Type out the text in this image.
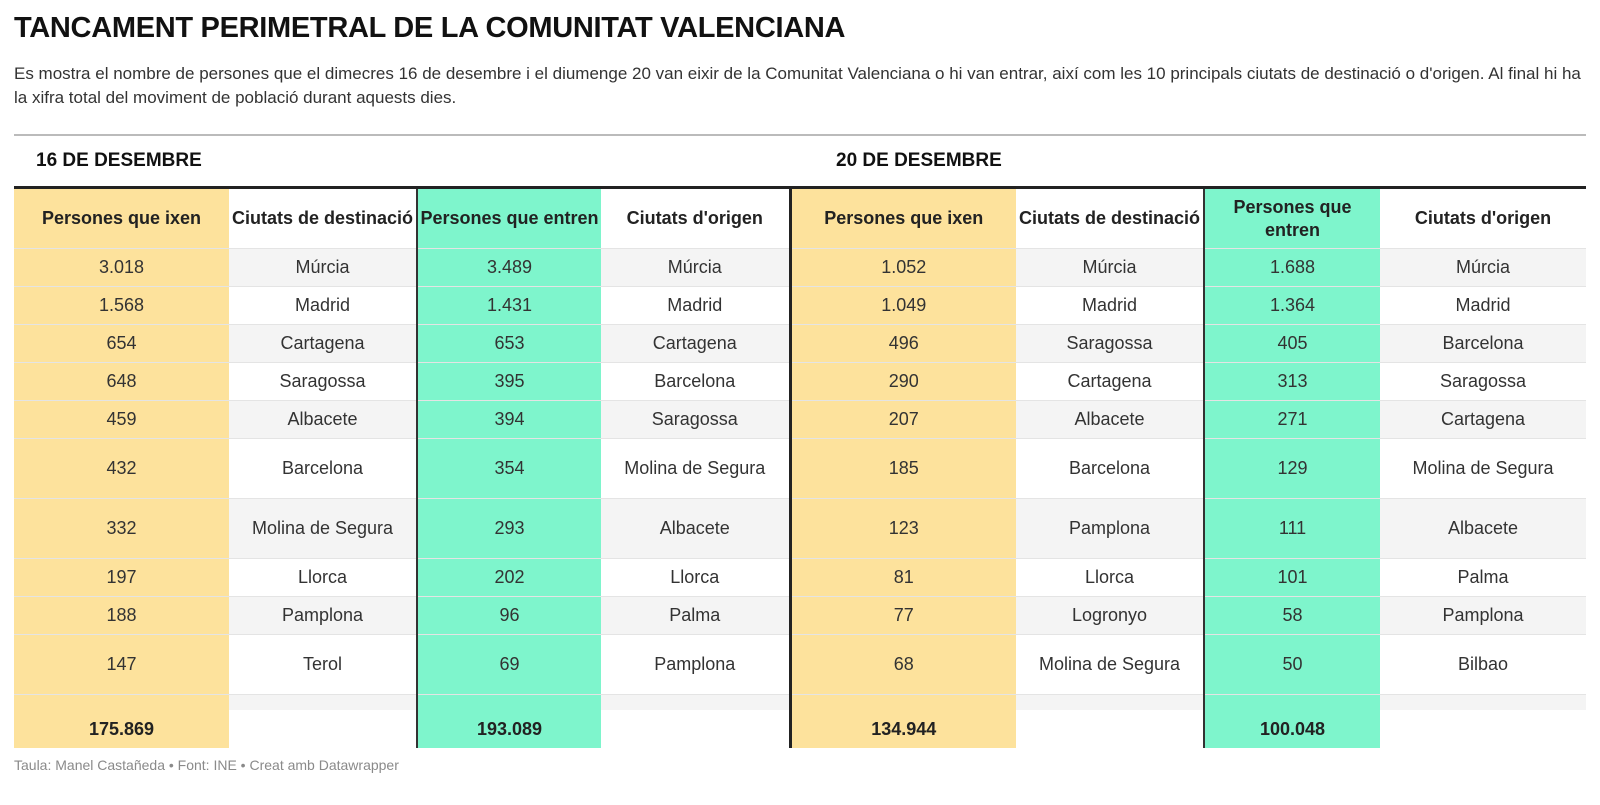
TANCAMENT PERIMETRAL DE LA COMUNITAT VALENCIANA
Es mostra el nombre de persones que el dimecres 16 de desembre i el diumenge 20 van eixir de la Comunitat Valenciana o hi van entrar, així com les 10 principals ciutats de destinació o d'origen. Al final hi ha la xifra total del moviment de població durant aquests dies.
16 DE DESEMBRE	20 DE DESEMBRE
Persones que ixen	Ciutats de destinació	Persones que entren	Ciutats d'origen	Persones que ixen	Ciutats de destinació	Persones que entren	Ciutats d'origen
3.018	Múrcia	3.489	Múrcia	1.052	Múrcia	1.688	Múrcia
1.568	Madrid	1.431	Madrid	1.049	Madrid	1.364	Madrid
654	Cartagena	653	Cartagena	496	Saragossa	405	Barcelona
648	Saragossa	395	Barcelona	290	Cartagena	313	Saragossa
459	Albacete	394	Saragossa	207	Albacete	271	Cartagena
432	Barcelona	354	Molina de Segura	185	Barcelona	129	Molina de Segura
332	Molina de Segura	293	Albacete	123	Pamplona	111	Albacete
197	Llorca	202	Llorca	81	Llorca	101	Palma
188	Pamplona	96	Palma	77	Logronyo	58	Pamplona
147	Terol	69	Pamplona	68	Molina de Segura	50	Bilbao

175.869		193.089		134.944		100.048	
Taula: Manel Castañeda • Font: INE • Creat amb Datawrapper
